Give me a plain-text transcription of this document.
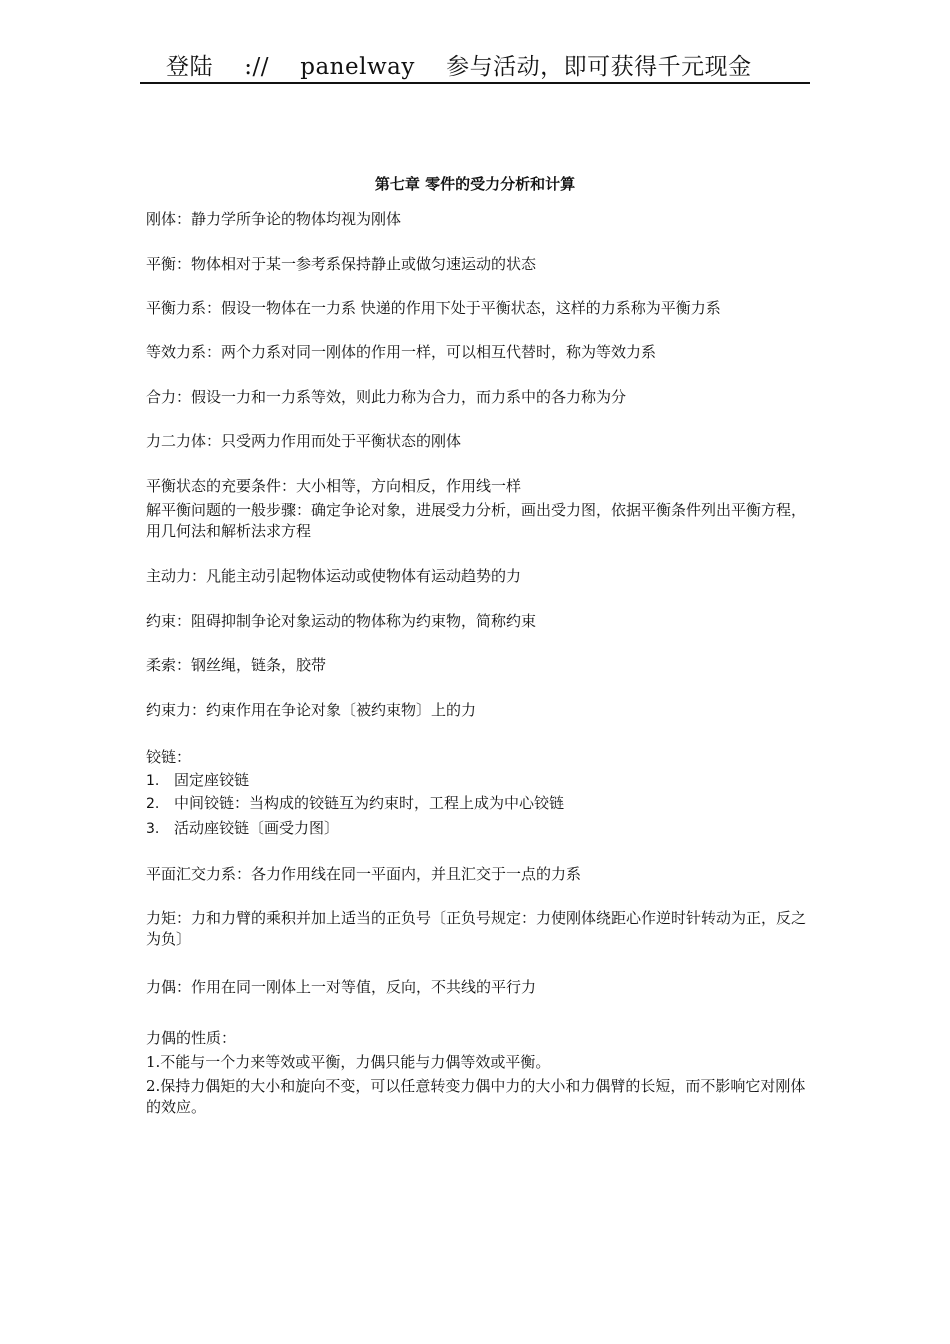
登陆    ://    panelway    参与活动，即可获得千元现金
第七章 零件的受力分析和计算
刚体：静力学所争论的物体均视为刚体
平衡：物体相对于某一参考系保持静止或做匀速运动的状态
平衡力系：假设一物体在一力系 快递的作用下处于平衡状态，这样的力系称为平衡力系
等效力系：两个力系对同一刚体的作用一样，可以相互代替时，称为等效力系
合力：假设一力和一力系等效，则此力称为合力，而力系中的各力称为分
力二力体：只受两力作用而处于平衡状态的刚体
平衡状态的充要条件：大小相等，方向相反，作用线一样
解平衡问题的一般步骤：确定争论对象，进展受力分析，画出受力图，依据平衡条件列出平衡方程，用几何法和解析法求方程
主动力：凡能主动引起物体运动或使物体有运动趋势的力
约束：阻碍抑制争论对象运动的物体称为约束物，简称约束
柔索：钢丝绳，链条，胶带
约束力：约束作用在争论对象〔被约束物〕上的力
铰链：
1. 固定座铰链
2. 中间铰链：当构成的铰链互为约束时，工程上成为中心铰链
3. 活动座铰链〔画受力图〕
平面汇交力系：各力作用线在同一平面内，并且汇交于一点的力系
力矩：力和力臂的乘积并加上适当的正负号〔正负号规定：力使刚体绕距心作逆时针转动为正，反之为负〕
力偶：作用在同一刚体上一对等值，反向，不共线的平行力
力偶的性质：
1.不能与一个力来等效或平衡，力偶只能与力偶等效或平衡。
2.保持力偶矩的大小和旋向不变，可以任意转变力偶中力的大小和力偶臂的长短，而不影响它对刚体的效应。
